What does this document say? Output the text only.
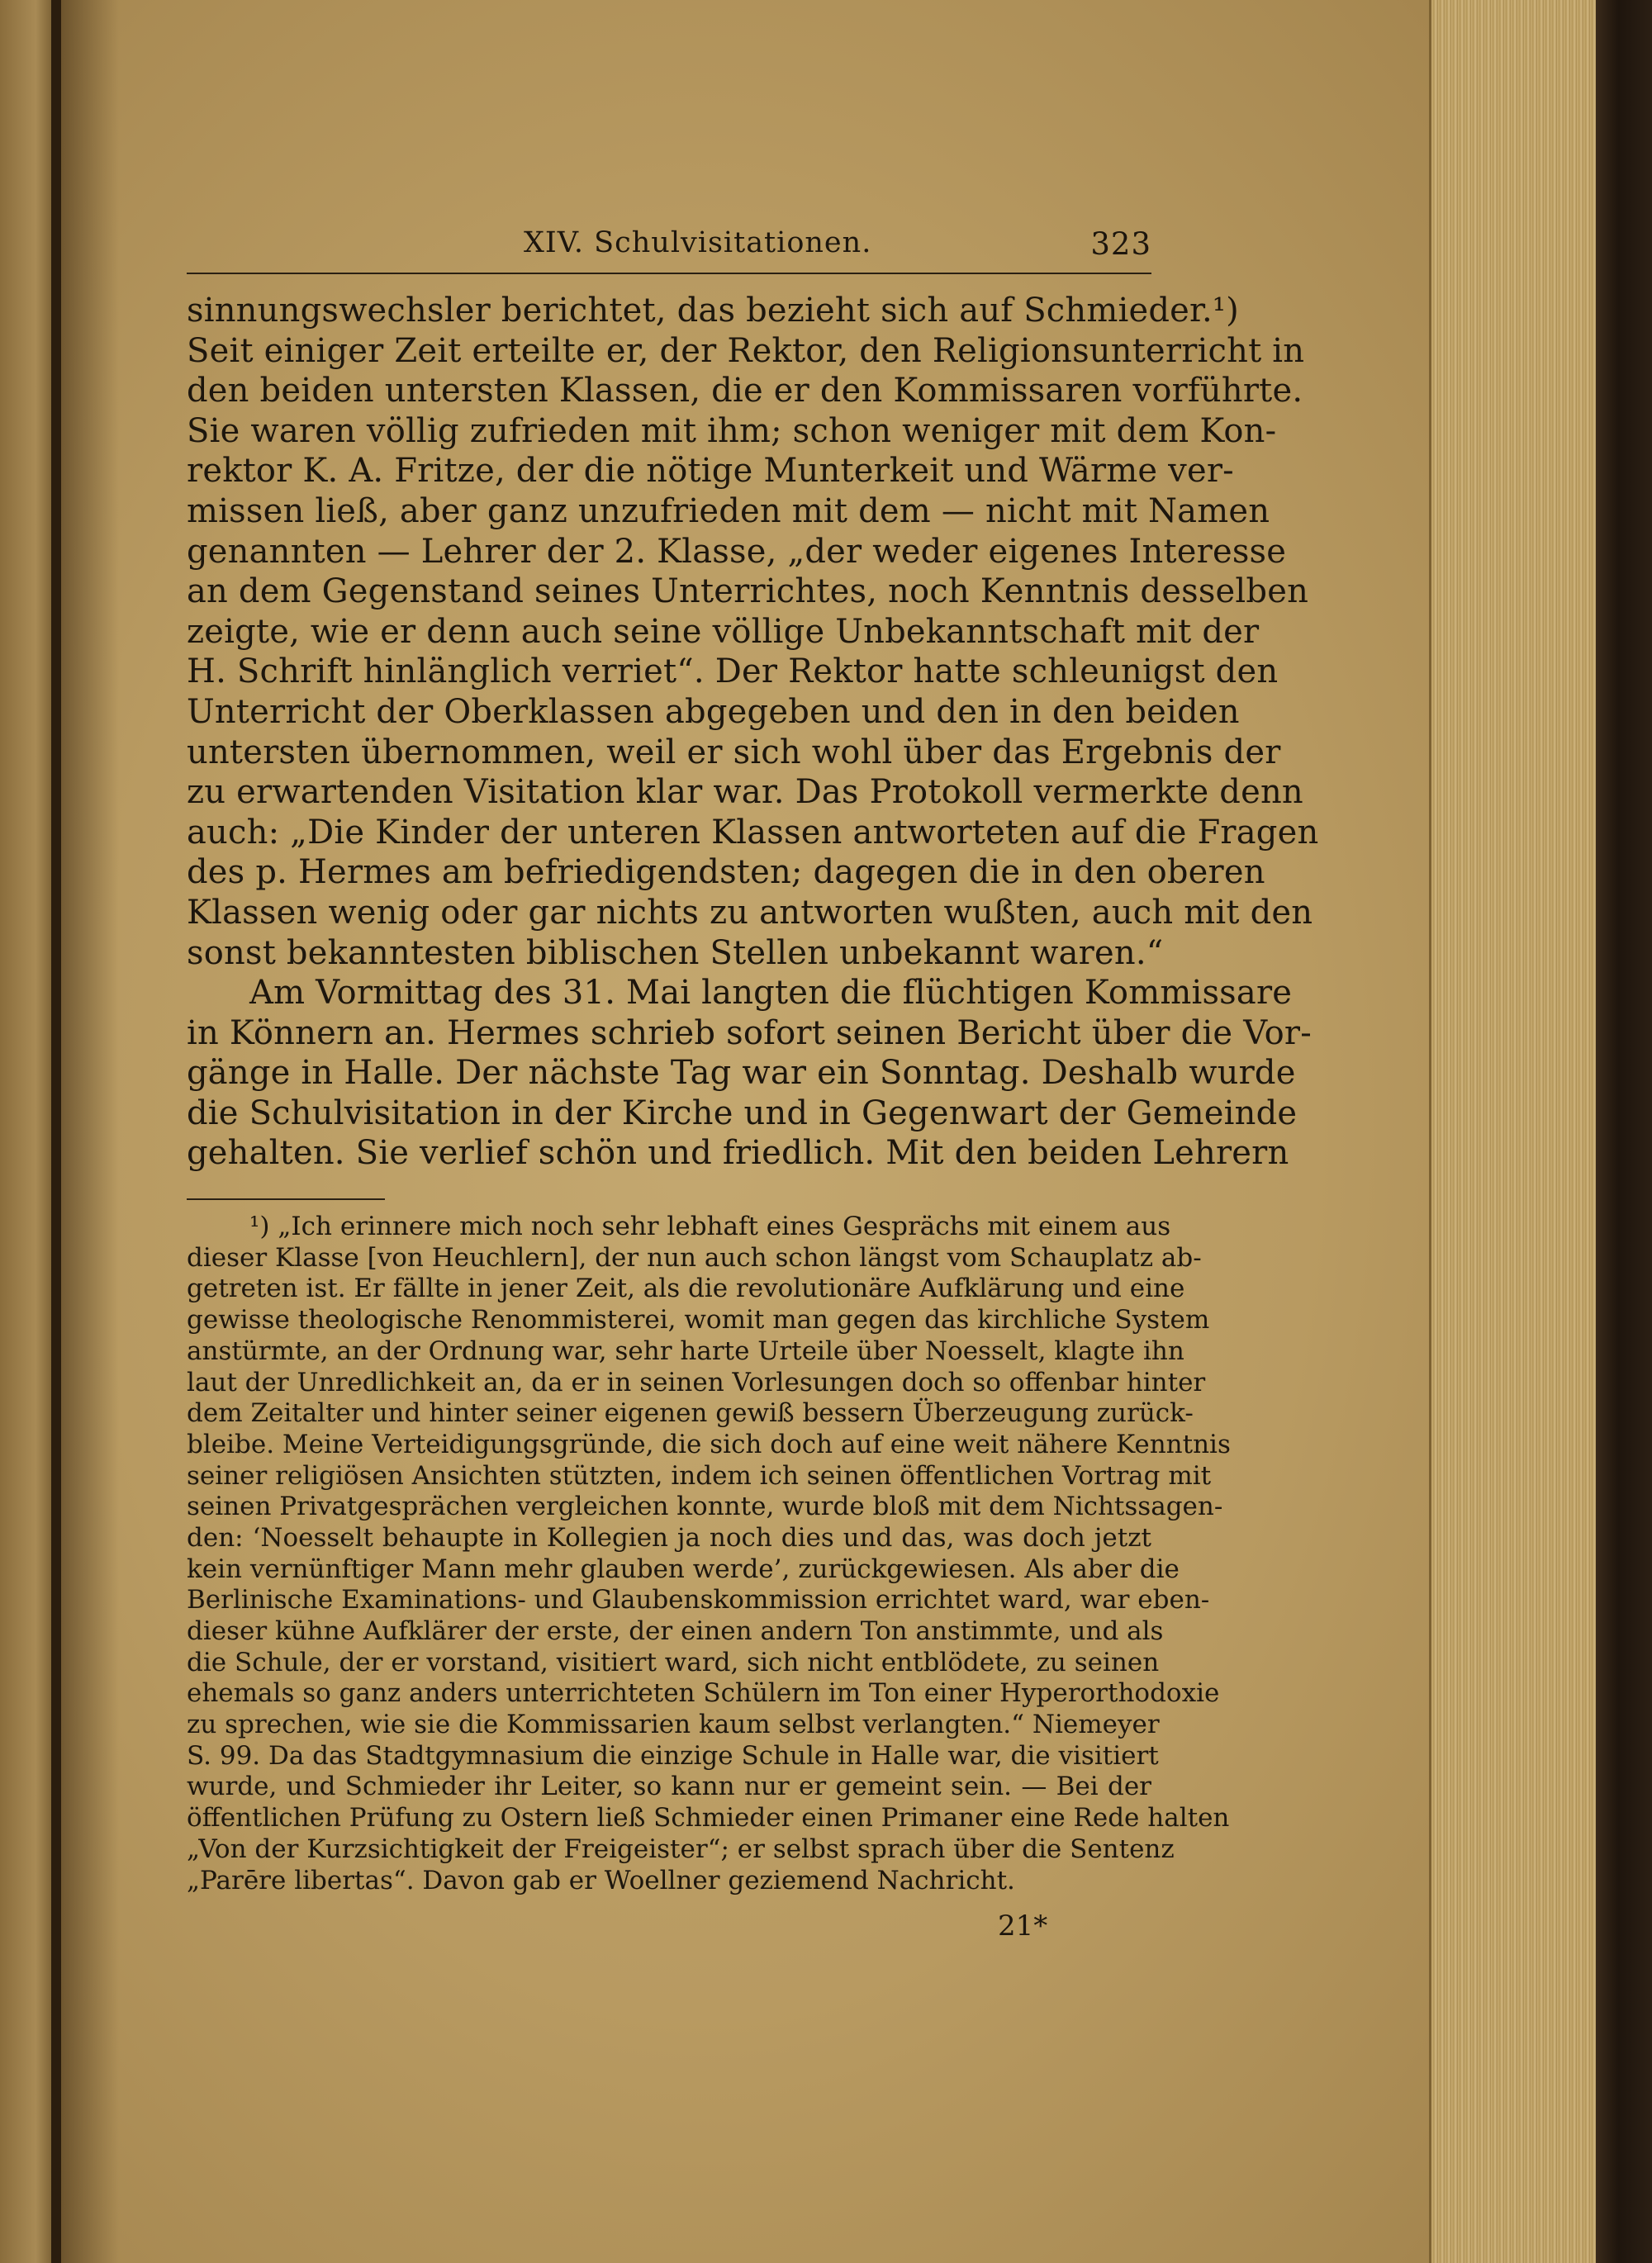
XIV. Schulvisitationen.	323
sinnungswechsler berichtet, das bezieht sich auf Schmieder.¹)
Seit einiger Zeit erteilte er, der Rektor, den Religionsunterricht in
den beiden untersten Klassen, die er den Kommissaren vorführte.
Sie waren völlig zufrieden mit ihm; schon weniger mit dem Kon-
rektor K. A. Fritze, der die nötige Munterkeit und Wärme ver-
missen ließ, aber ganz unzufrieden mit dem — nicht mit Namen
genannten — Lehrer der 2. Klasse, „der weder eigenes Interesse
an dem Gegenstand seines Unterrichtes, noch Kenntnis desselben
zeigte, wie er denn auch seine völlige Unbekanntschaft mit der
H. Schrift hinlänglich verriet“. Der Rektor hatte schleunigst den
Unterricht der Oberklassen abgegeben und den in den beiden
untersten übernommen, weil er sich wohl über das Ergebnis der
zu erwartenden Visitation klar war. Das Protokoll vermerkte denn
auch: „Die Kinder der unteren Klassen antworteten auf die Fragen
des p. Hermes am befriedigendsten; dagegen die in den oberen
Klassen wenig oder gar nichts zu antworten wußten, auch mit den
sonst bekanntesten biblischen Stellen unbekannt waren.“
Am Vormittag des 31. Mai langten die flüchtigen Kommissare
in Könnern an. Hermes schrieb sofort seinen Bericht über die Vor-
gänge in Halle. Der nächste Tag war ein Sonntag. Deshalb wurde
die Schulvisitation in der Kirche und in Gegenwart der Gemeinde
gehalten. Sie verlief schön und friedlich. Mit den beiden Lehrern
¹) „Ich erinnere mich noch sehr lebhaft eines Gesprächs mit einem aus
dieser Klasse [von Heuchlern], der nun auch schon längst vom Schauplatz ab-
getreten ist. Er fällte in jener Zeit, als die revolutionäre Aufklärung und eine
gewisse theologische Renommisterei, womit man gegen das kirchliche System
anstürmte, an der Ordnung war, sehr harte Urteile über Noesselt, klagte ihn
laut der Unredlichkeit an, da er in seinen Vorlesungen doch so offenbar hinter
dem Zeitalter und hinter seiner eigenen gewiß bessern Überzeugung zurück-
bleibe. Meine Verteidigungsgründe, die sich doch auf eine weit nähere Kenntnis
seiner religiösen Ansichten stützten, indem ich seinen öffentlichen Vortrag mit
seinen Privatgesprächen vergleichen konnte, wurde bloß mit dem Nichtssagen-
den: ‘Noesselt behaupte in Kollegien ja noch dies und das, was doch jetzt
kein vernünftiger Mann mehr glauben werde’, zurückgewiesen. Als aber die
Berlinische Examinations- und Glaubenskommission errichtet ward, war eben-
dieser kühne Aufklärer der erste, der einen andern Ton anstimmte, und als
die Schule, der er vorstand, visitiert ward, sich nicht entblödete, zu seinen
ehemals so ganz anders unterrichteten Schülern im Ton einer Hyperorthodoxie
zu sprechen, wie sie die Kommissarien kaum selbst verlangten.“ Niemeyer
S. 99. Da das Stadtgymnasium die einzige Schule in Halle war, die visitiert
wurde, und Schmieder ihr Leiter, so kann nur er gemeint sein. — Bei der
öffentlichen Prüfung zu Ostern ließ Schmieder einen Primaner eine Rede halten
„Von der Kurzsichtigkeit der Freigeister“; er selbst sprach über die Sentenz
„Parēre libertas“. Davon gab er Woellner geziemend Nachricht.
21*
